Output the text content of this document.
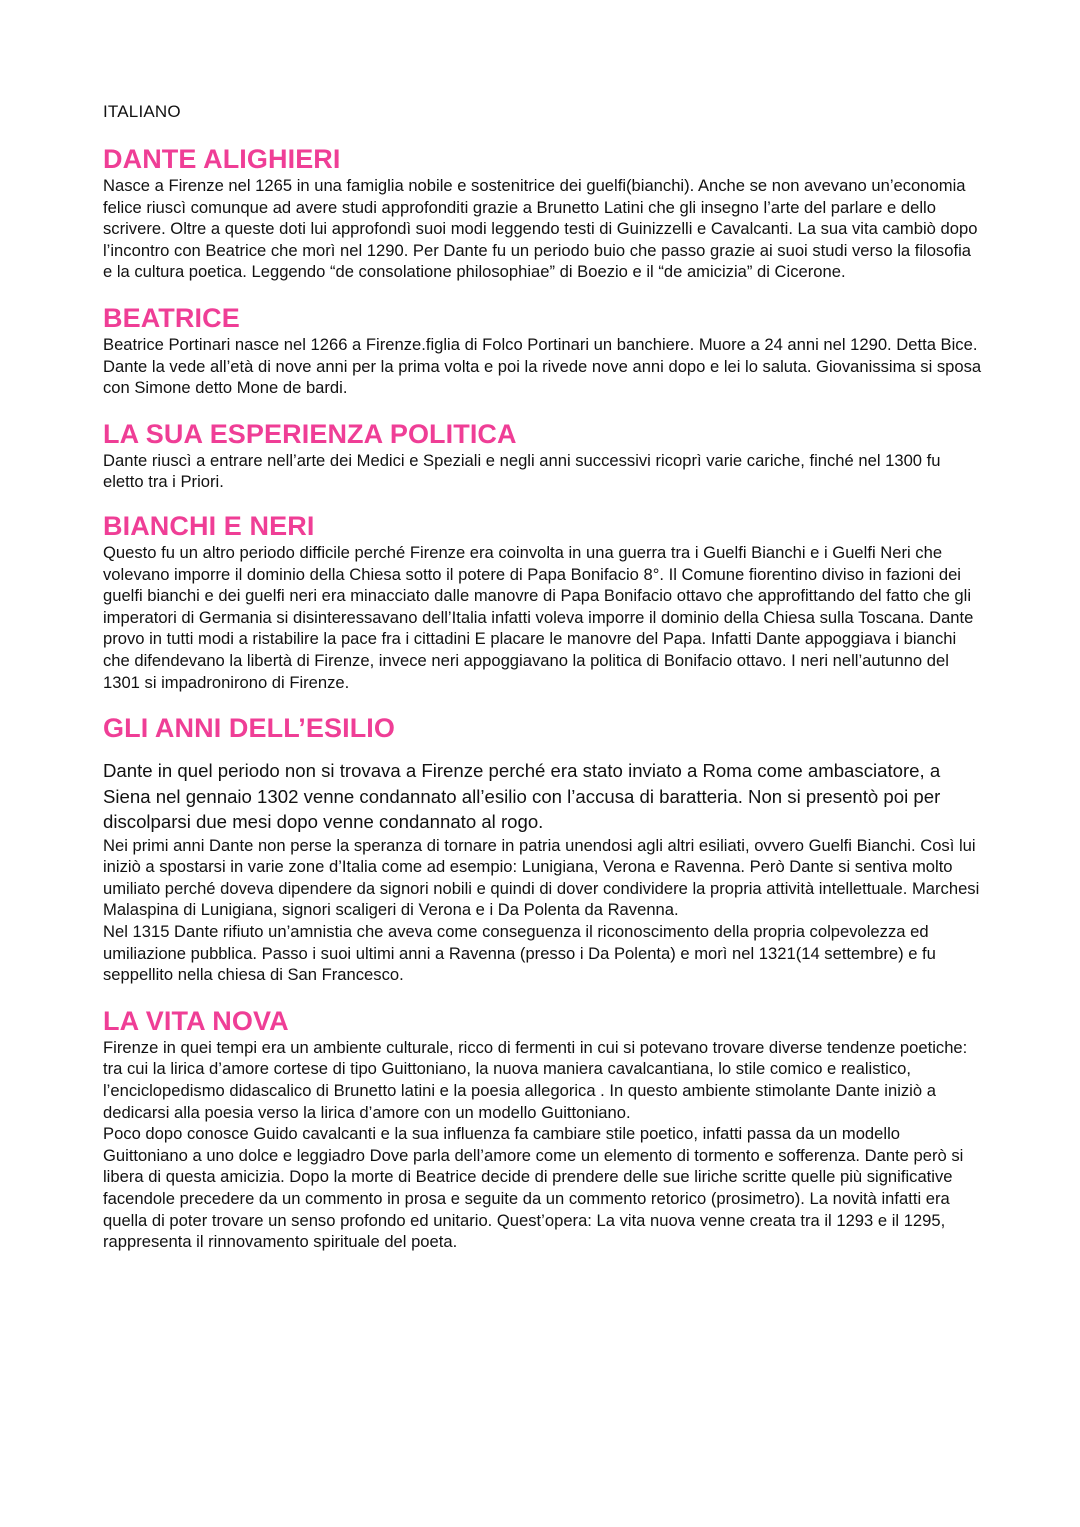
ITALIANO
DANTE ALIGHIERI

Nasce a Firenze nel 1265 in una famiglia nobile e sostenitrice dei guelfi(bianchi). Anche se non avevano un’economia felice riuscì comunque ad avere studi approfonditi grazie a Brunetto Latini che gli insegno l’arte del parlare e dello scrivere. Oltre a queste doti lui approfondì suoi modi leggendo testi di Guinizzelli e Cavalcanti. La sua vita cambiò dopo l’incontro con Beatrice che morì nel 1290. Per Dante fu un periodo buio che passo grazie ai suoi studi verso la filosofia e la cultura poetica. Leggendo “de consolatione philosophiae” di Boezio e il “de amicizia” di Cicerone.

BEATRICE

Beatrice Portinari nasce nel 1266 a Firenze.figlia di Folco Portinari un banchiere. Muore a 24 anni nel 1290. Detta Bice.

Dante la vede all’età di nove anni per la prima volta e poi la rivede nove anni dopo e lei lo saluta. Giovanissima si sposa con Simone detto Mone de bardi.

LA SUA ESPERIENZA POLITICA

Dante riuscì a entrare nell’arte dei Medici e Speziali e negli anni successivi ricoprì varie cariche, finché nel 1300 fu eletto tra i Priori.

BIANCHI E NERI

Questo fu un altro periodo difficile perché Firenze era coinvolta in una guerra tra i Guelfi Bianchi e i Guelfi Neri che volevano imporre il dominio della Chiesa sotto il potere di Papa Bonifacio 8°. Il Comune fiorentino diviso in fazioni dei guelfi bianchi e dei guelfi neri era minacciato dalle manovre di Papa Bonifacio ottavo che approfittando del fatto che gli imperatori di Germania si disinteressavano dell’Italia infatti voleva imporre il dominio della Chiesa sulla Toscana. Dante provo in tutti modi a ristabilire la pace fra i cittadini E placare le manovre del Papa. Infatti Dante appoggiava i bianchi che difendevano la libertà di Firenze, invece neri appoggiavano la politica di Bonifacio ottavo. I neri nell’autunno del 1301 si impadronirono di Firenze.

GLI ANNI DELL’ESILIO

Dante in quel periodo non si trovava a Firenze perché era stato inviato a Roma come ambasciatore, a Siena nel gennaio 1302 venne condannato all’esilio con l’accusa di baratteria. Non si presentò poi per discolparsi due mesi dopo venne condannato al rogo.

Nei primi anni Dante non perse la speranza di tornare in patria unendosi agli altri esiliati, ovvero Guelfi Bianchi. Così lui iniziò a spostarsi in varie zone d’Italia come ad esempio: Lunigiana, Verona e Ravenna. Però Dante si sentiva molto umiliato perché doveva dipendere da signori nobili e quindi di dover condividere la propria attività intellettuale. Marchesi Malaspina di Lunigiana, signori scaligeri di Verona e i Da Polenta da Ravenna.

Nel 1315 Dante rifiuto un’amnistia che aveva come conseguenza il riconoscimento della propria colpevolezza ed umiliazione pubblica. Passo i suoi ultimi anni a Ravenna (presso i Da Polenta) e morì nel 1321(14 settembre) e fu seppellito nella chiesa di San Francesco.

LA VITA NOVA

Firenze in quei tempi era un ambiente culturale, ricco di fermenti in cui si potevano trovare diverse tendenze poetiche: tra cui la lirica d’amore cortese di tipo Guittoniano, la nuova maniera cavalcantiana, lo stile comico e realistico, l’enciclopedismo didascalico di Brunetto latini e la poesia allegorica . In questo ambiente stimolante Dante iniziò a dedicarsi alla poesia verso la lirica d’amore con un modello Guittoniano.

Poco dopo conosce Guido cavalcanti e la sua influenza fa cambiare stile poetico, infatti passa da un modello Guittoniano a uno dolce e leggiadro Dove parla dell’amore come un elemento di tormento e sofferenza. Dante però si libera di questa amicizia. Dopo la morte di Beatrice decide di prendere delle sue liriche scritte quelle più significative facendole precedere da un commento in prosa e seguite da un commento retorico (prosimetro). La novità infatti era quella di poter trovare un senso profondo ed unitario. Quest’opera: La vita nuova venne creata tra il 1293 e il 1295, rappresenta il rinnovamento spirituale del poeta.
